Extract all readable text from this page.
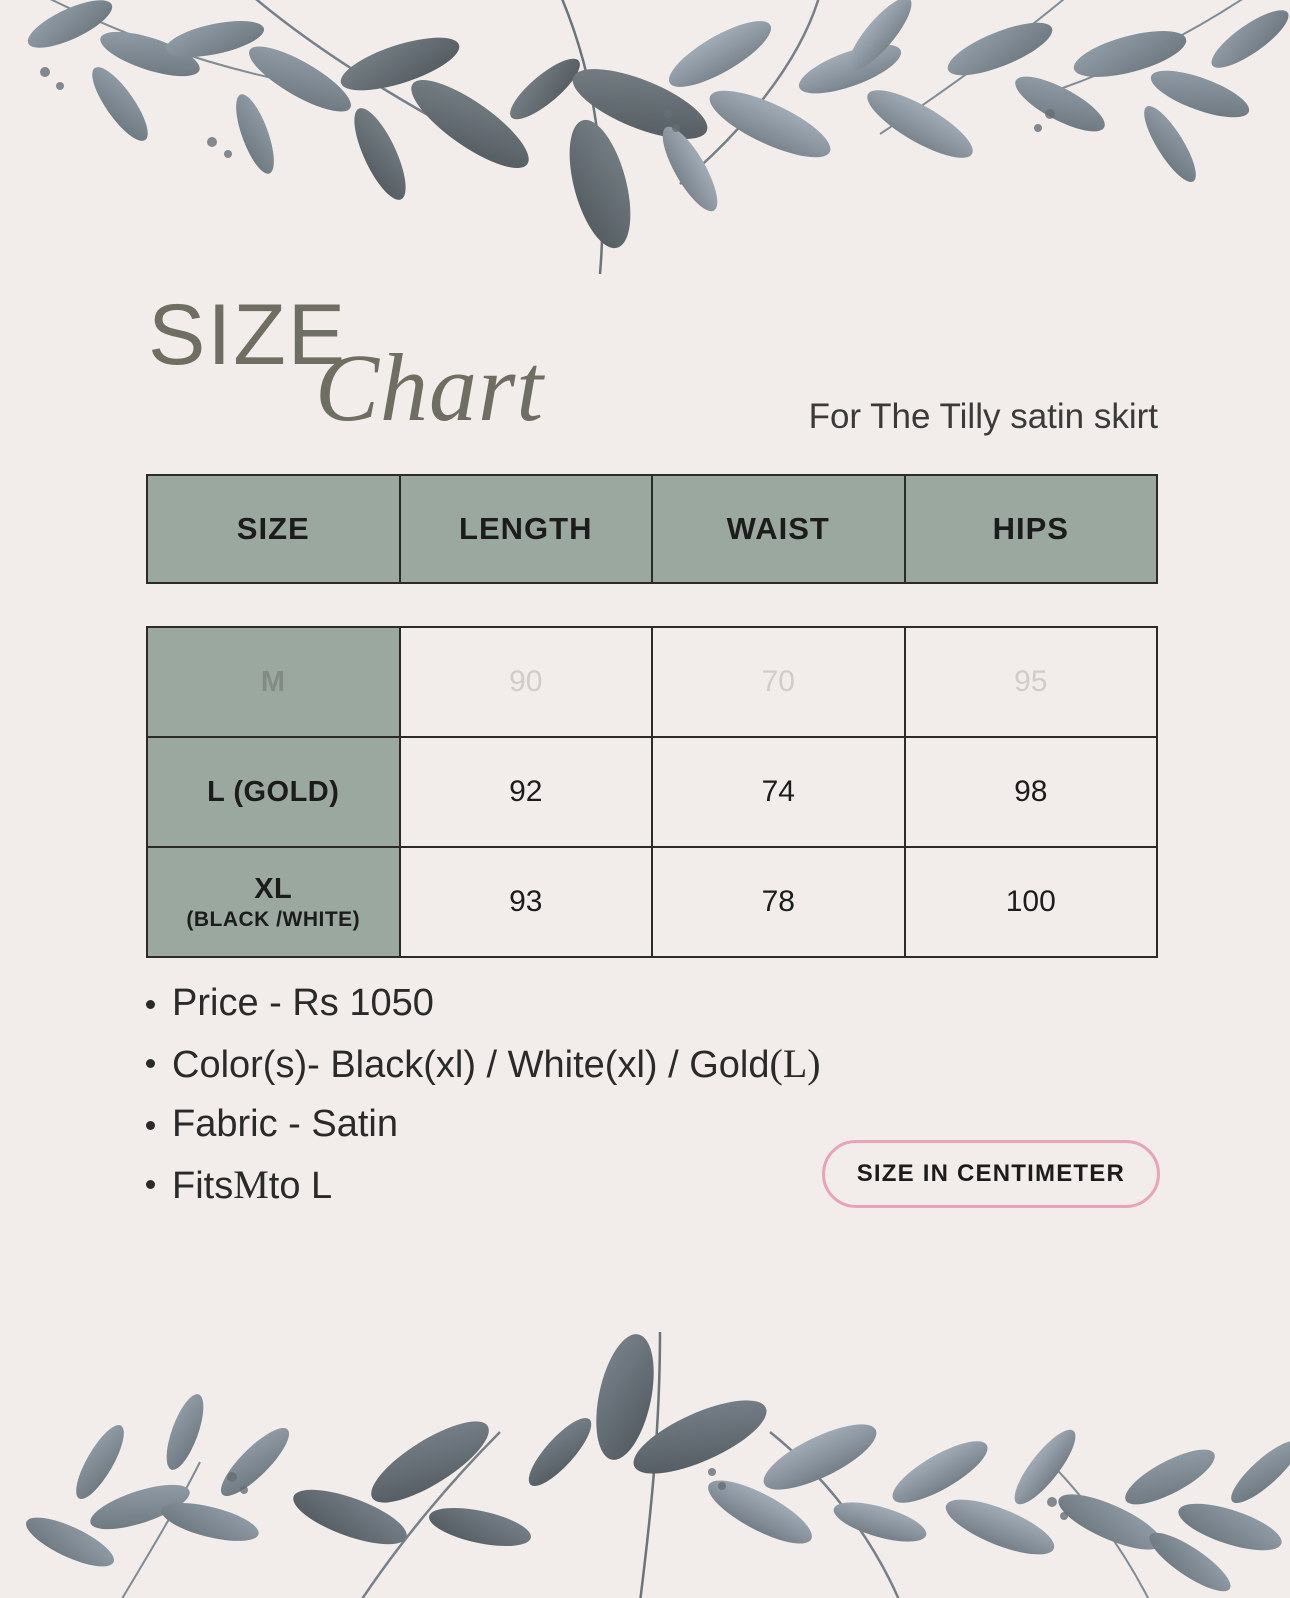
SIZE
Chart	For The Tilly satin skirt
SIZE	LENGTH	WAIST	HIPS
M	90	70	95
L (GOLD)	92	74	98
XL
(BLACK /WHITE)	93	78	100
Price - Rs 1050
Color(s)- Black(xl) / White(xl) / Gold(L)
Fabric - Satin
FitsMto L	SIZE IN CENTIMETER
